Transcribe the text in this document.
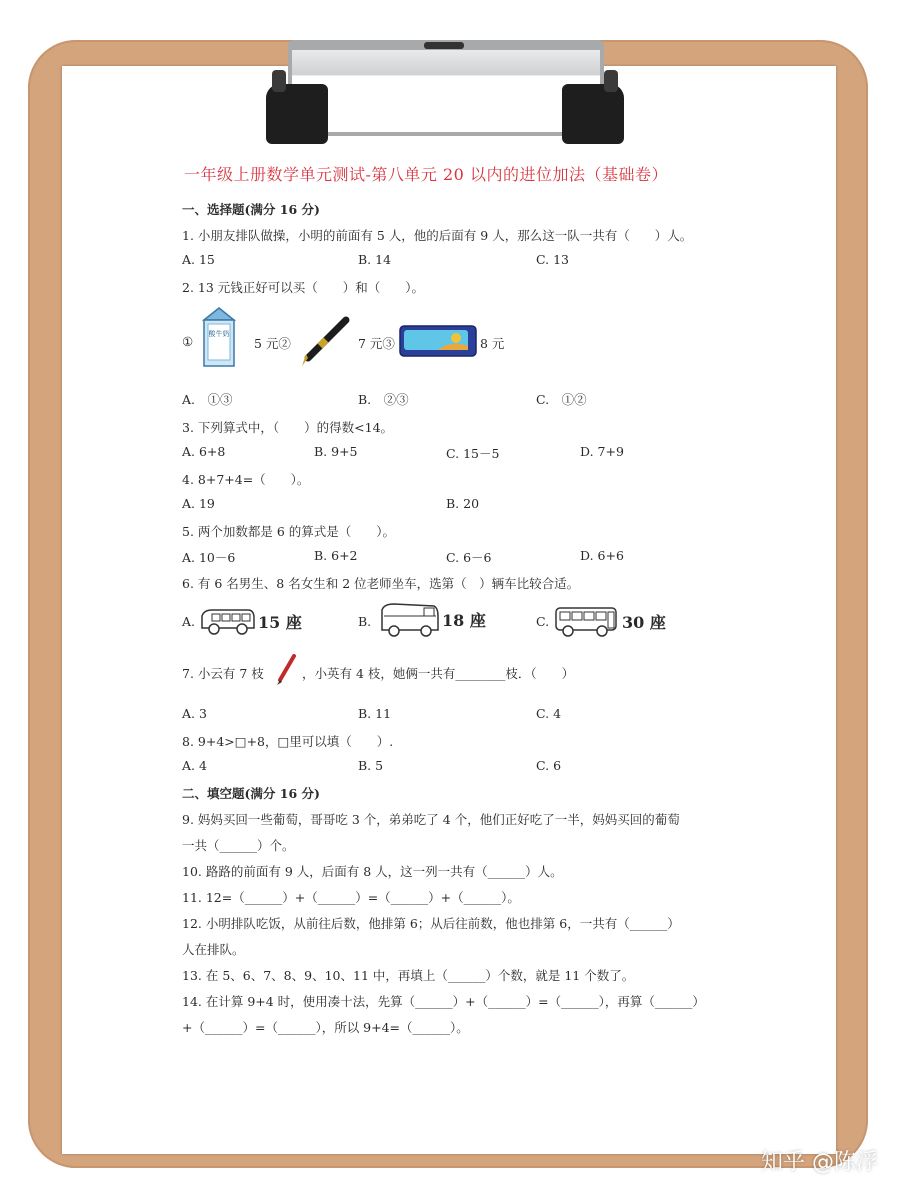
一年级上册数学单元测试-第八单元 20 以内的进位加法（基础卷）
一、选择题(满分 16 分)
1. 小朋友排队做操，小明的前面有 5 人，他的后面有 9 人，那么这一队一共有（　　）人。
A. 15	B. 14	C. 13
2. 13 元钱正好可以买（　　）和（　　）。
① 酸牛奶
5 元②	7 元③	8 元
A.　①③	B.　②③	C.　①②
3. 下列算式中，（　　）的得数<14。
A. 6+8	B. 9+5	C. 15－5	D. 7+9
4. 8+7+4=（　　）。
A. 19	B. 20
5. 两个加数都是 6 的算式是（　　）。
A. 10－6	B. 6+2	C. 6－6	D. 6+6
6. 有 6 名男生、8 名女生和 2 位老师坐车，选第（　）辆车比较合适。
A.	15 座	B.	18 座	C.	30 座
7. 小云有 7 枝	，小英有 4 枝，她俩一共有________枝．（　　）
A. 3	B. 11	C. 4
8. 9+4>□+8，□里可以填（　　）.
A. 4	B. 5	C. 6
二、填空题(满分 16 分)
9. 妈妈买回一些葡萄，哥哥吃 3 个，弟弟吃了 4 个，他们正好吃了一半，妈妈买回的葡萄
一共（______）个。
10. 路路的前面有 9 人，后面有 8 人，这一列一共有（______）人。
11. 12=（______）+（______）=（______）+（______）。
12. 小明排队吃饭，从前往后数，他排第 6；从后往前数，他也排第 6，一共有（______）
人在排队。
13. 在 5、6、7、8、9、10、11 中，再填上（______）个数，就是 11 个数了。
14. 在计算 9+4 时，使用凑十法，先算（______）+（______）=（______），再算（______）
+（______）=（______），所以 9+4=（______）。
知乎 @陈浮
